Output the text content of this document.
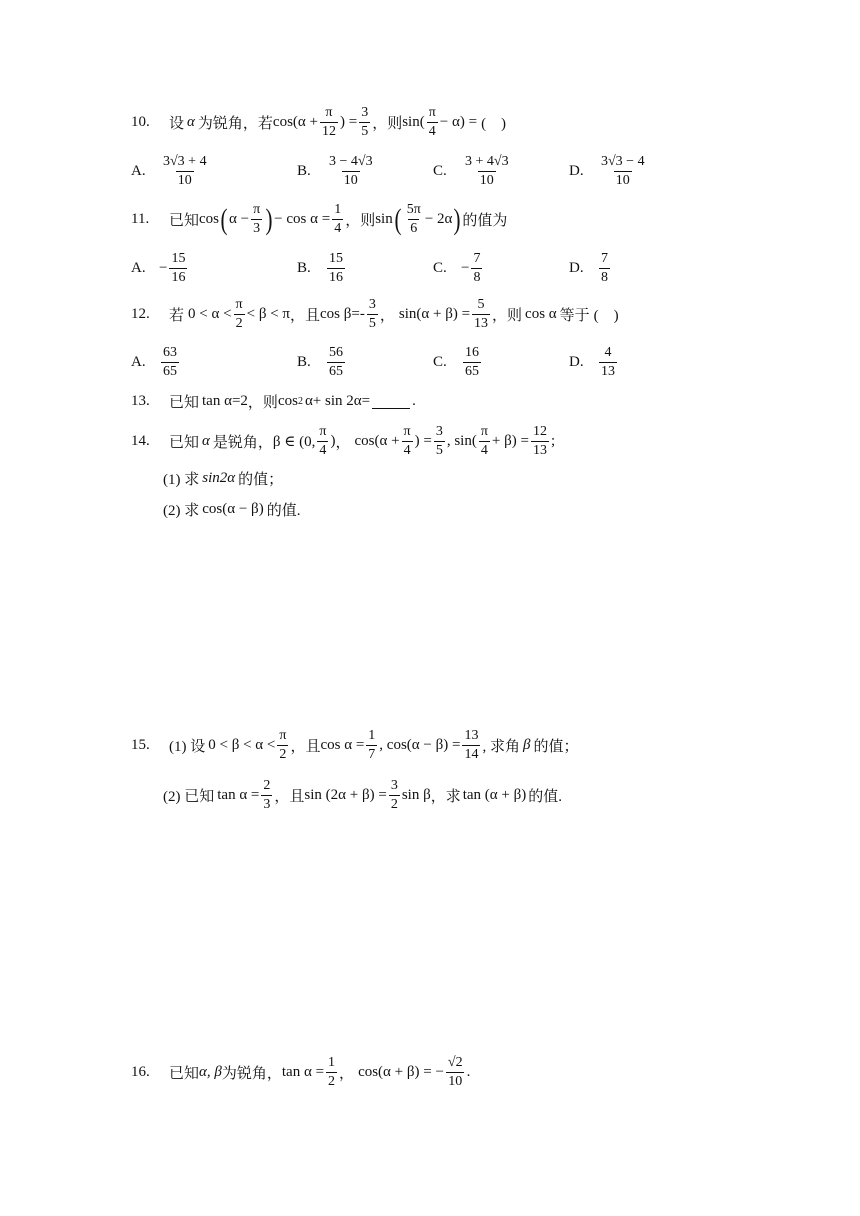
10.	设 α 为锐角，若 $\cos(\alpha + \frac{\pi}{12}$ ) = $\frac{3}{5}$ ，则 $\sin( \frac{\pi}{4} - \alpha)$ = (　)
A.	$\frac{3√3 + 4}{10}$	B.	$\frac{3 - 4√3}{10}$	C.	$\frac{3 + 4√3}{10}$	D.	$\frac{3√3 - 4}{10}$
11.	已知 cos ( $\alpha - \frac{\pi}{3}$ ) − $\cos \alpha = \frac{1}{4}$ ，则 sin ( $\frac{5\pi}{6} - 2\alpha$ ) 的值为
A. − $\frac{15}{16}$	B.	$\frac{15}{16}$	C. − $\frac{7}{8}$	D.	$\frac{7}{8}$
12.	若 $0 < \alpha < \frac{\pi}{2} < \beta < \pi$ ，且 $\cos \beta=- \frac{3}{5}$ ， $\sin(\alpha + \beta) = \frac{5}{13}$ ，则 cos α 等于 (　)
A.	$\frac{63}{65}$	B.	$\frac{56}{65}$	C.	$\frac{16}{65}$	D.	$\frac{4}{13}$
13.	已知 tan α=2 ，则 cos 2 α+ sin 2α=	.
14.	已知 α 是锐角， β ∈ (0, $\frac{\pi}{4}$ ) ， $\cos(\alpha + \frac{\pi}{4}$ ) = $\frac{3}{5}$ , $\sin( \frac{\pi}{4} + \beta) = \frac{12}{13}$ ;
(1) 求 sin2α 的值；
(2) 求 cos(α − β) 的值.
15.	(1) 设 $0 < \beta < \alpha < \frac{\pi}{2}$ ，且 $\cos \alpha = \frac{1}{7}$ , $\cos(\alpha - \beta) = \frac{13}{14}$ , 求角 β 的值；
(2) 已知 $\tan \alpha = \frac{2}{3}$ ，且 $\sin (2\alpha + \beta) = \frac{3}{2}$ sin β ，求 tan (α + β) 的值.
16.	已知 α, β 为锐角， $\tan \alpha = \frac{1}{2}$ ， cos(α + β) = − $\frac{√2}{10}$ .
